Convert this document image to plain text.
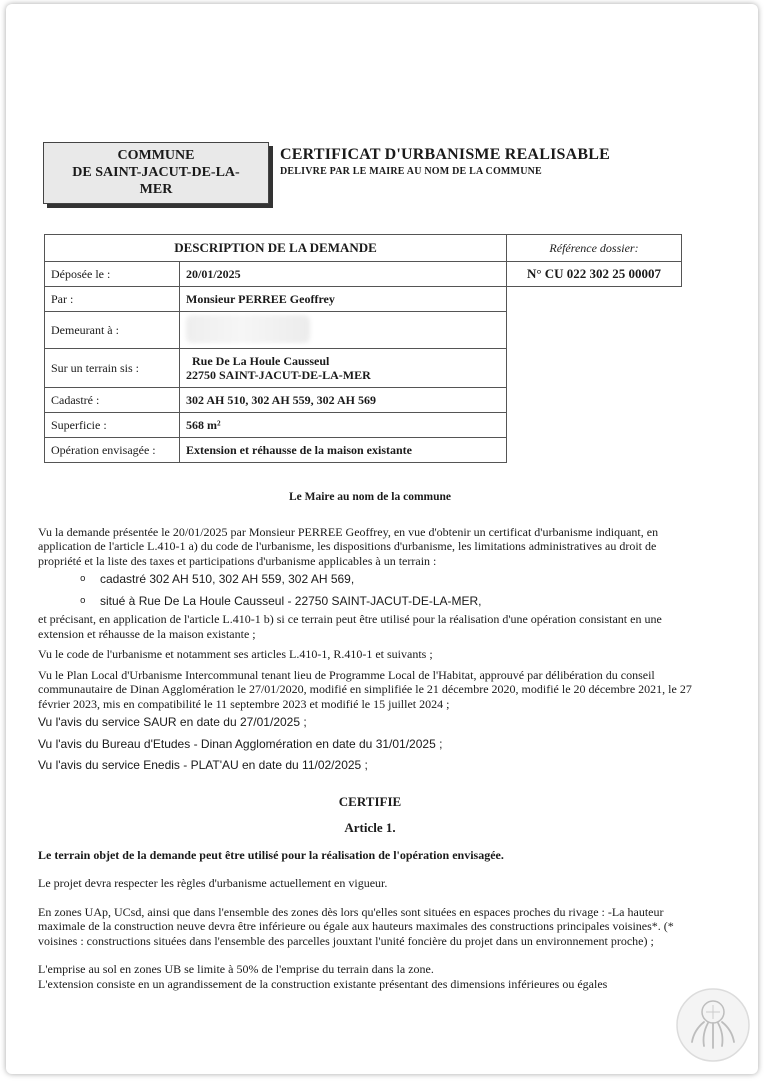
COMMUNE
DE SAINT-JACUT-DE-LA-
MER
CERTIFICAT D'URBANISME REALISABLE
DELIVRE PAR LE MAIRE AU NOM DE LA COMMUNE
DESCRIPTION DE LA DEMANDE		Référence dossier:
Déposée le :	20/01/2025	N° CU 022 302 25 00007
Par :	Monsieur PERREE Geoffrey	
Demeurant à :		
Sur un terrain sis :	Rue De La Houle Causseul
22750 SAINT-JACUT-DE-LA-MER	

Cadastré :	302 AH 510, 302 AH 559, 302 AH 569	
Superficie :	568 m²	
Opération envisagée :	Extension et réhausse de la maison existante	

Le Maire au nom de la commune

Vu la demande présentée le 20/01/2025 par Monsieur PERREE Geoffrey, en vue d'obtenir un certificat d'urbanisme indiquant, en application de l'article L.410-1 a) du code de l'urbanisme, les dispositions d'urbanisme, les limitations administratives au droit de propriété et la liste des taxes et participations d'urbanisme applicables à un terrain :

o	cadastré 302 AH 510, 302 AH 559, 302 AH 569,
o	situé à Rue De La Houle Causseul - 22750 SAINT-JACUT-DE-LA-MER,

et précisant, en application de l'article L.410-1 b) si ce terrain peut être utilisé pour la réalisation d'une opération consistant en une extension et réhausse de la maison existante ;

Vu le code de l'urbanisme et notamment ses articles L.410-1, R.410-1 et suivants ;

Vu le Plan Local d'Urbanisme Intercommunal tenant lieu de Programme Local de l'Habitat, approuvé par délibération du conseil communautaire de Dinan Agglomération le 27/01/2020, modifié en simplifiée le 21 décembre 2020, modifié le 20 décembre 2021, le 27 février 2023, mis en compatibilité le 11 septembre 2023 et modifié le 15 juillet 2024 ;

Vu l'avis du service SAUR en date du 27/01/2025 ;

Vu l'avis du Bureau d'Etudes - Dinan Agglomération en date du 31/01/2025 ;

Vu l'avis du service Enedis - PLAT'AU en date du 11/02/2025 ;

CERTIFIE

Article 1.

Le terrain objet de la demande peut être utilisé pour la réalisation de l'opération envisagée.

Le projet devra respecter les règles d'urbanisme actuellement en vigueur.

En zones UAp, UCsd, ainsi que dans l'ensemble des zones dès lors qu'elles sont situées en espaces proches du rivage : -La hauteur maximale de la construction neuve devra être inférieure ou égale aux hauteurs maximales des constructions principales voisines*. (* voisines : constructions situées dans l'ensemble des parcelles jouxtant l'unité foncière du projet dans un environnement proche) ;

L'emprise au sol en zones UB se limite à 50% de l'emprise du terrain dans la zone.

L'extension consiste en un agrandissement de la construction existante présentant des dimensions inférieures ou égales
